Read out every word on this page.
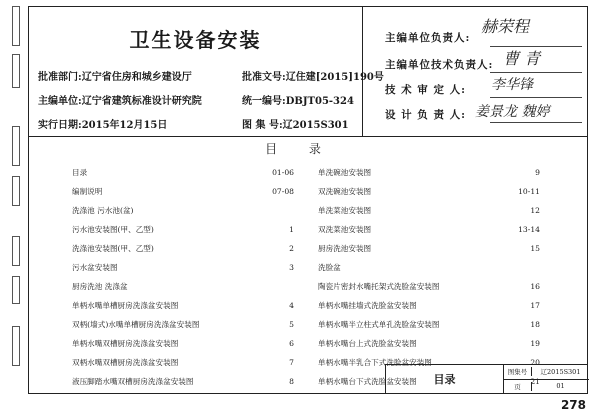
卫生设备安装
批准部门:辽宁省住房和城乡建设厅	批准文号:辽住建[2015]190号
主编单位:辽宁省建筑标准设计研究院	统一编号:DBJT05-324
实行日期:2015年12月15日	图 集 号:辽2015S301
主编单位负责人:
赫荣程
主编单位技术负责人: 曹 青
技 术 审 定 人: 李华锋
设 计 负 责 人: 姜景龙 魏婷
目 录
目录	01-06
编制说明	07-08
洗涤池 污水池(盆)
污水池安装图(甲、乙型)	1
洗涤池安装图(甲、乙型)	2
污水盆安装图	3
厨房洗池 洗涤盆
单柄水嘴单槽厨房洗涤盆安装图	4
双柄(墙式)水嘴单槽厨房洗涤盆安装图	5
单柄水嘴双槽厨房洗涤盆安装图	6
双柄水嘴双槽厨房洗涤盆安装图	7
液压脚踏水嘴双槽厨房洗涤盆安装图	8
单洗碗池安装图	9
双洗碗池安装图	10-11
单洗菜池安装图	12
双洗菜池安装图	13-14
厨房洗池安装图	15
洗脸盆
陶瓷片密封水嘴托架式洗脸盆安装图	16
单柄水嘴挂墙式洗脸盆安装图	17
单柄水嘴半立柱式单孔洗脸盆安装图	18
单柄水嘴台上式洗脸盆安装图	19
单柄水嘴半乳合下式洗脸盆安装图	20
单柄水嘴台下式洗脸盆安装图	21
目录
图集号	辽2015S301
页	01
278
